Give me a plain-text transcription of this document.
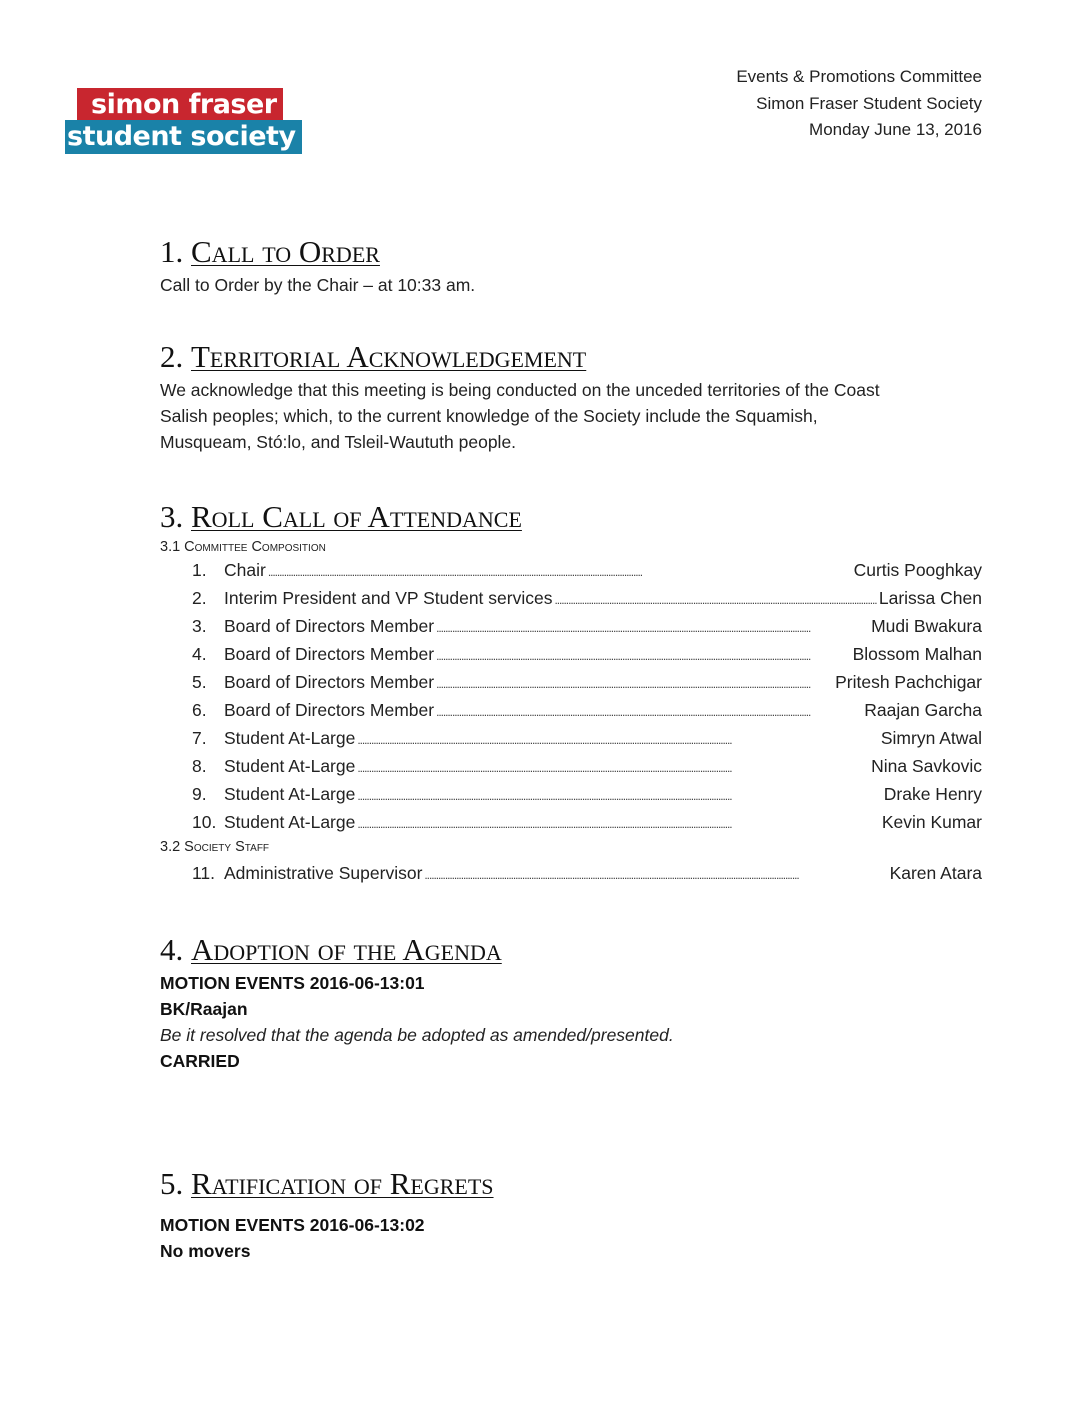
simon fraser
student society
Events & Promotions Committee
Simon Fraser Student Society
Monday June 13, 2016
1. Call to Order

Call to Order by the Chair – at 10:33 am.

2. Territorial Acknowledgement

We acknowledge that this meeting is being conducted on the unceded territories of the Coast

Salish peoples; which, to the current knowledge of the Society include the Squamish,

Musqueam, Stó:lo, and Tsleil-Waututh people.

3. Roll Call of Attendance

3.1 Committee Composition

1. Chair . . .	Curtis Pooghkay
2. Interim President and VP Student services . . .	Larissa Chen
3. Board of Directors Member . . .	Mudi Bwakura
4. Board of Directors Member . . .	Blossom Malhan
5. Board of Directors Member . . .	Pritesh Pachchigar
6. Board of Directors Member . . .	Raajan Garcha
7. Student At-Large . . .	Simryn Atwal
8. Student At-Large . . .	Nina Savkovic
9. Student At-Large . . .	Drake Henry
10. Student At-Large . . .	Kevin Kumar

3.2 Society Staff

11. Administrative Supervisor . . .	Karen Atara
4. Adoption of the Agenda

MOTION EVENTS 2016-06-13:01

BK/Raajan

Be it resolved that the agenda be adopted as amended/presented.

CARRIED

5. Ratification of Regrets

MOTION EVENTS 2016-06-13:02

No movers
